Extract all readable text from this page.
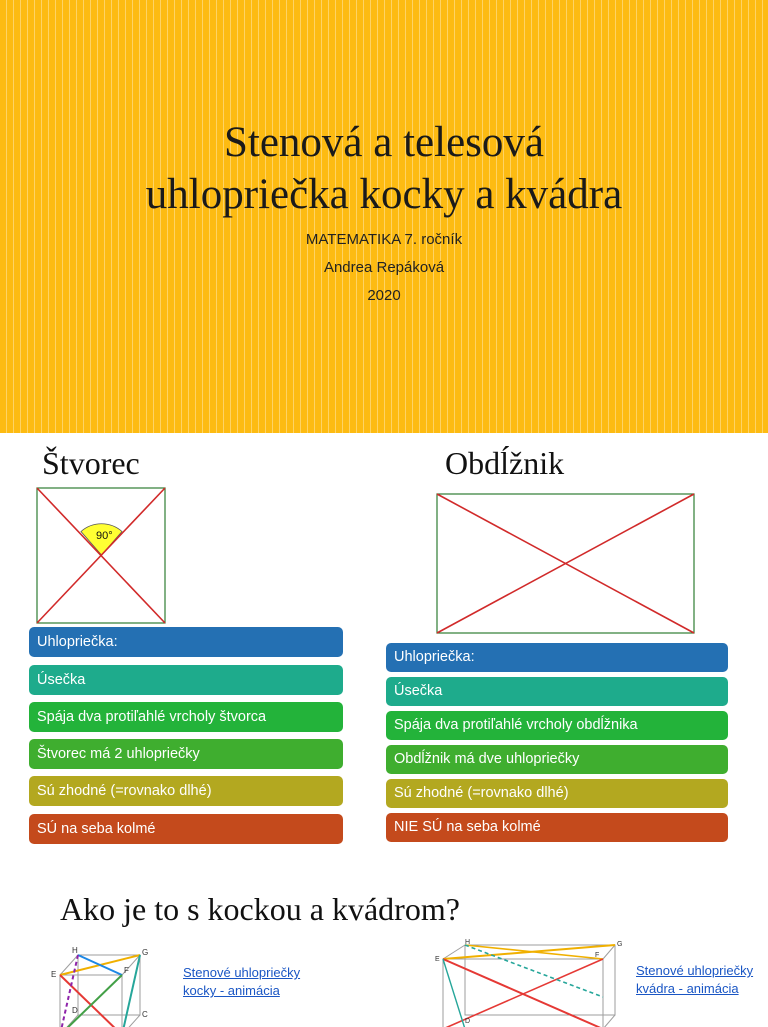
Stenová a telesová
uhlopriečka kocky a kvádra
MATEMATIKA 7. ročník
Andrea Repáková
2020
Štvorec	Obdĺžnik
90°
Uhlopriečka:
Úsečka
Spája dva protiľahlé vrcholy štvorca
Štvorec má 2 uhlopriečky
Sú zhodné (=rovnako dlhé)
SÚ na seba kolmé
Uhlopriečka:
Úsečka
Spája dva protiľahlé vrcholy obdĺžnika
Obdĺžnik má dve uhlopriečky
Sú zhodné (=rovnako dlhé)
NIE SÚ na seba kolmé
Ako je to s kockou a kvádrom?
H	G
E	F
D	C
Stenové uhlopriečky
kocky - animácia
H	G
E
F
D
Stenové uhlopriečky
kvádra - animácia
